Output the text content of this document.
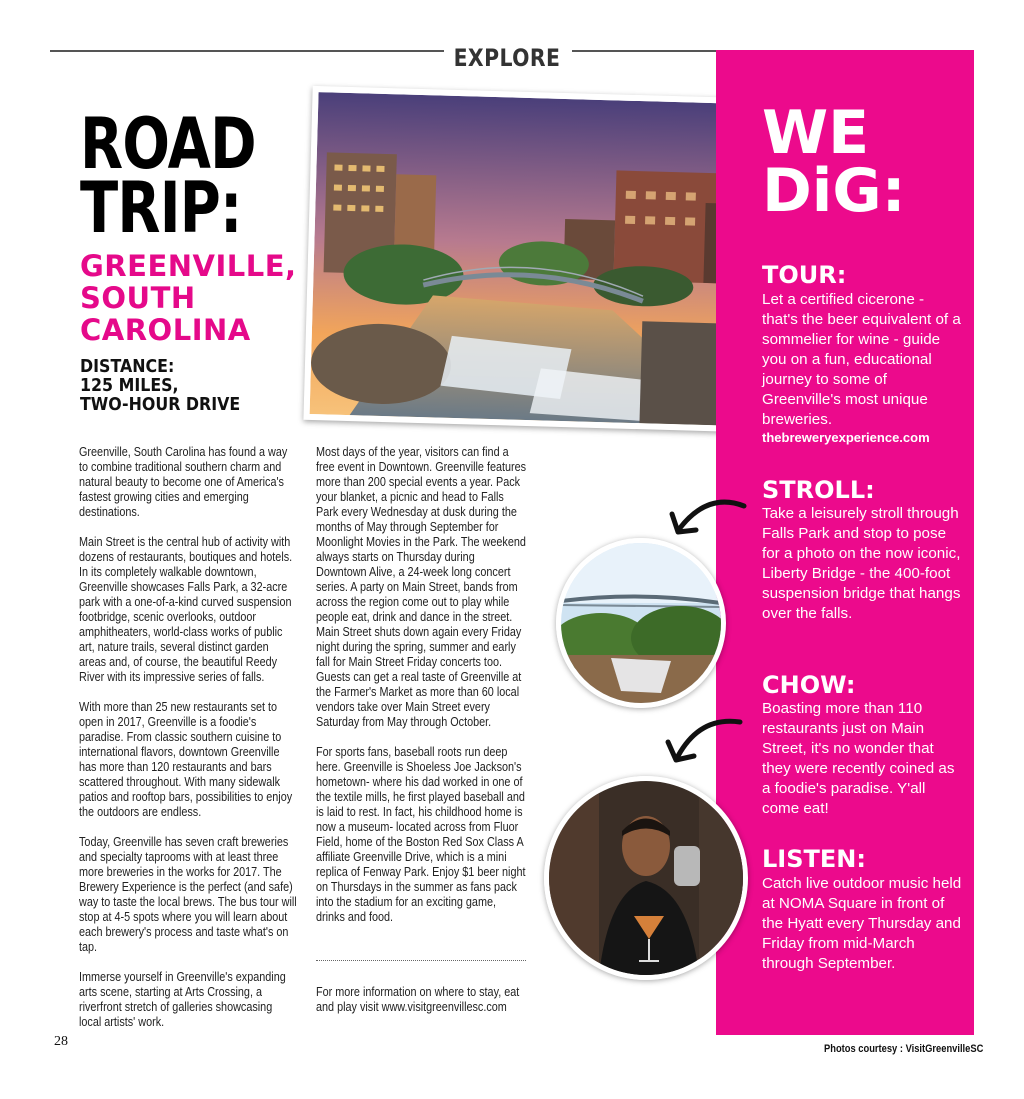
EXPLORE
ROAD
TRIP:
GREENVILLE,
SOUTH
CAROLINA
DISTANCE:
125 MILES,
TWO-HOUR DRIVE

Greenville, South Carolina has found a way to combine traditional southern charm and natural beauty to become one of America's fastest growing cities and emerging destinations.

Main Street is the central hub of activity with dozens of restaurants, boutiques and hotels. In its completely walkable downtown, Greenville showcases Falls Park, a 32-acre park with a one-of-a-kind curved suspension footbridge, scenic overlooks, outdoor amphitheaters, world-class works of public art, nature trails, several distinct garden areas and, of course, the beautiful Reedy River with its impressive series of falls.

With more than 25 new restaurants set to open in 2017, Greenville is a foodie's paradise. From classic southern cuisine to international flavors, downtown Greenville has more than 120 restaurants and bars scattered throughout. With many sidewalk patios and rooftop bars, possibilities to enjoy the outdoors are endless.

Today, Greenville has seven craft breweries and specialty taprooms with at least three more breweries in the works for 2017. The Brewery Experience is the perfect (and safe) way to taste the local brews. The bus tour will stop at 4-5 spots where you will learn about each brewery's process and taste what's on tap.

Immerse yourself in Greenville's expanding arts scene, starting at Arts Crossing, a riverfront stretch of galleries showcasing local artists' work.

Most days of the year, visitors can find a free event in Downtown. Greenville features more than 200 special events a year. Pack your blanket, a picnic and head to Falls Park every Wednesday at dusk during the months of May through September for Moonlight Movies in the Park. The weekend always starts on Thursday during Downtown Alive, a 24-week long concert series. A party on Main Street, bands from across the region come out to play while people eat, drink and dance in the street. Main Street shuts down again every Friday night during the spring, summer and early fall for Main Street Friday concerts too. Guests can get a real taste of Greenville at the Farmer's Market as more than 60 local vendors take over Main Street every Saturday from May through October.

For sports fans, baseball roots run deep here. Greenville is Shoeless Joe Jackson's hometown- where his dad worked in one of the textile mills, he first played baseball and is laid to rest. In fact, his childhood home is now a museum- located across from Fluor Field, home of the Boston Red Sox Class A affiliate Greenville Drive, which is a mini replica of Fenway Park. Enjoy $1 beer night on Thursdays in the summer as fans pack into the stadium for an exciting game, drinks and food.

For more information on where to stay, eat and play visit www.visitgreenvillesc.com
WE
DiG:
TOUR:
Let a certified cicerone - that's the beer equivalent of a sommelier for wine - guide you on a fun, educational journey to some of Greenville's most unique breweries.
thebreweryexperience.com
STROLL:
Take a leisurely stroll through Falls Park and stop to pose for a photo on the now iconic, Liberty Bridge - the 400-foot suspension bridge that hangs over the falls.
CHOW:
Boasting more than 110 restaurants just on Main Street, it's no wonder that they were recently coined as a foodie's paradise. Y'all come eat!
LISTEN:
Catch live outdoor music held at NOMA Square in front of the Hyatt every Thursday and Friday from mid-March through September.
28	Photos courtesy : VisitGreenvilleSC
